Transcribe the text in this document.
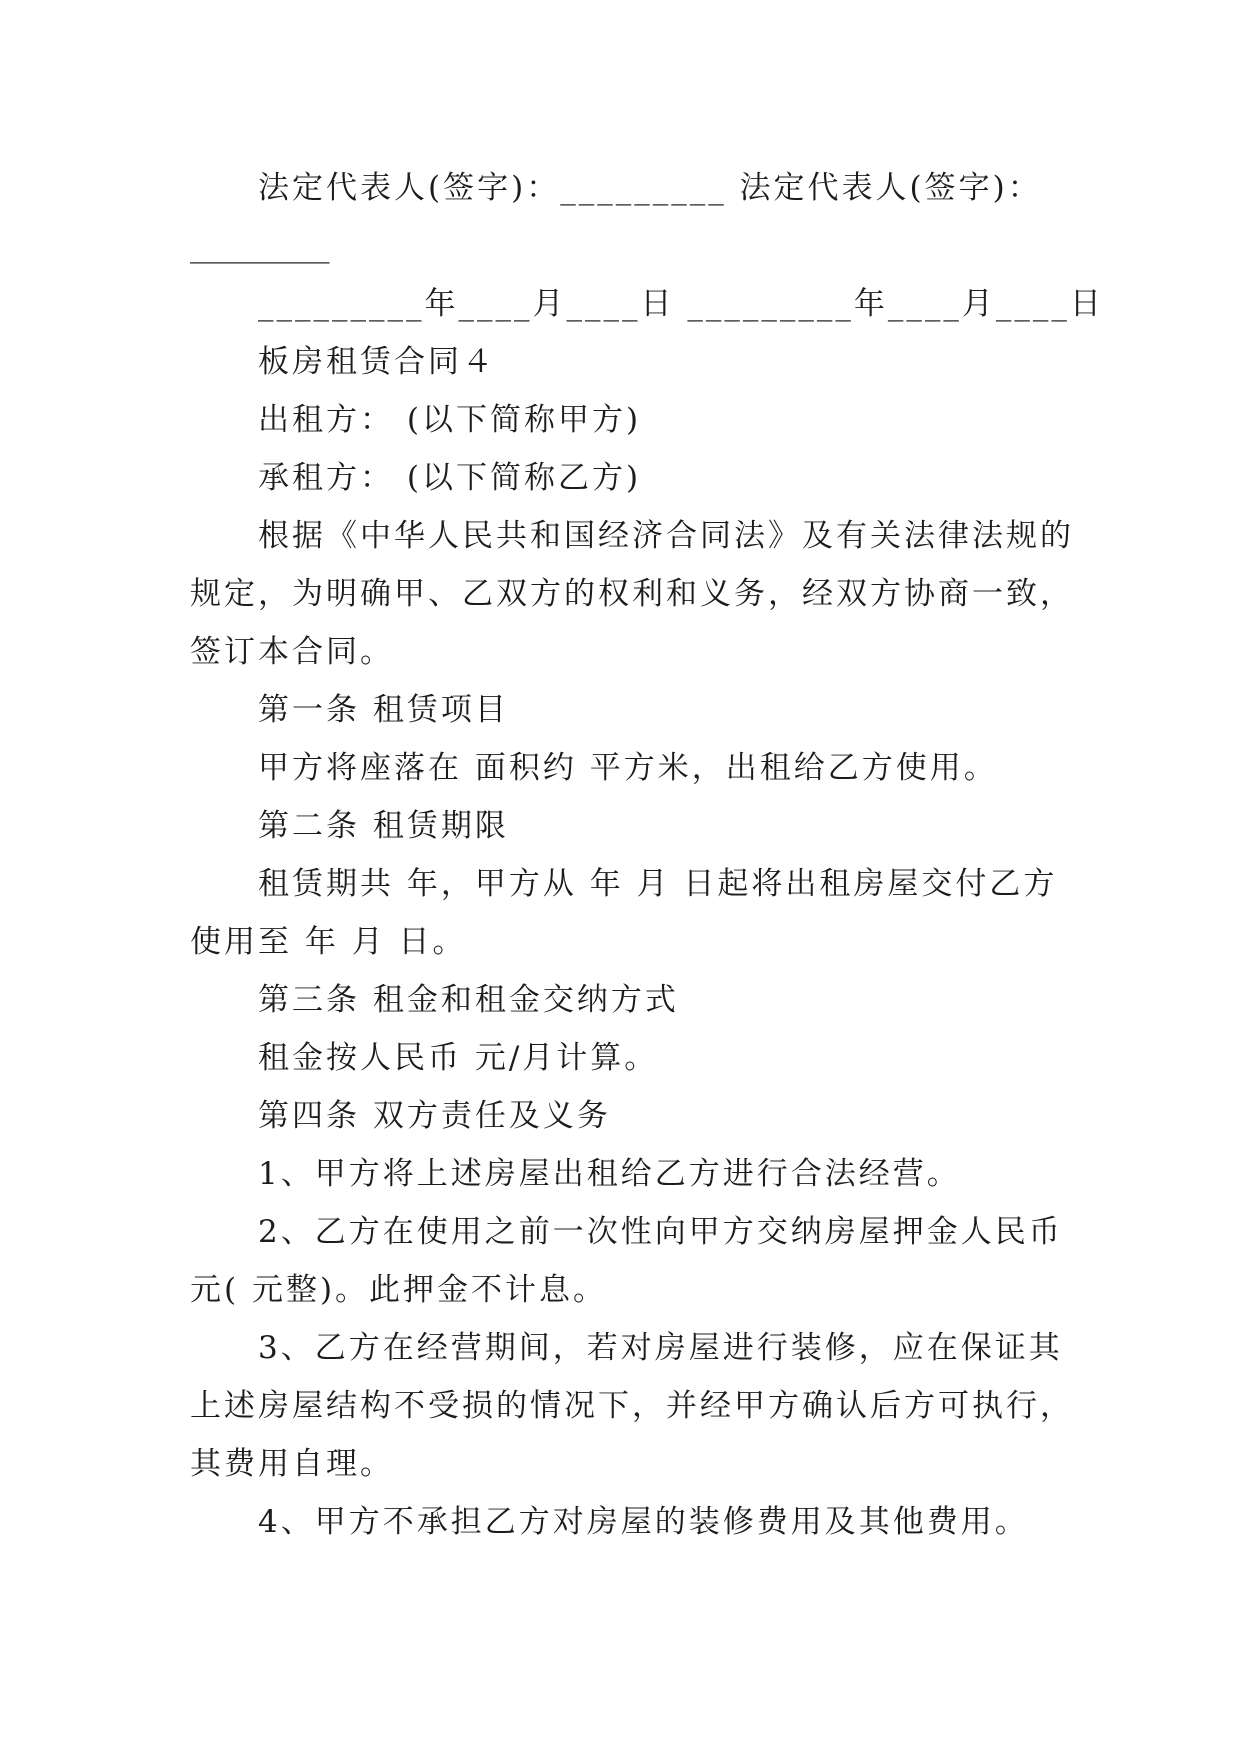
法定代表人(签字)：_________ 法定代表人(签字)：
_________
_________年____月____日 _________年____月____日
板房租赁合同４
出租方： (以下简称甲方)
承租方： (以下简称乙方)
根据《中华人民共和国经济合同法》及有关法律法规的
规定，为明确甲、乙双方的权利和义务，经双方协商一致，
签订本合同。
第一条 租赁项目
甲方将座落在 面积约 平方米，出租给乙方使用。
第二条 租赁期限
租赁期共 年，甲方从 年 月 日起将出租房屋交付乙方
使用至 年 月 日。
第三条 租金和租金交纳方式
租金按人民币 元/月计算。
第四条 双方责任及义务
1、甲方将上述房屋出租给乙方进行合法经营。
2、乙方在使用之前一次性向甲方交纳房屋押金人民币
元( 元整)。此押金不计息。
3、乙方在经营期间，若对房屋进行装修，应在保证其
上述房屋结构不受损的情况下，并经甲方确认后方可执行，
其费用自理。
4、甲方不承担乙方对房屋的装修费用及其他费用。
